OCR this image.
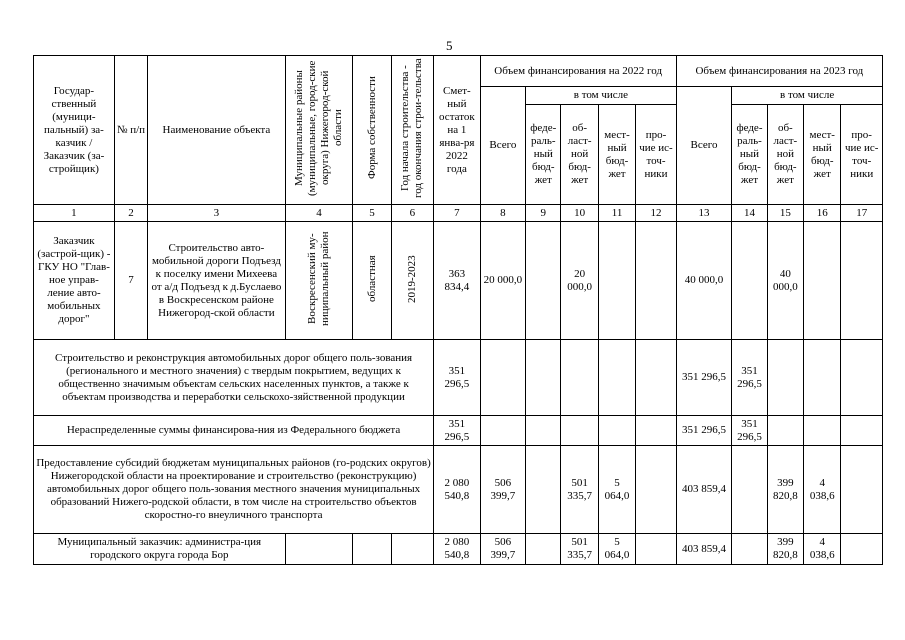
5
Государ-ственный (муници-пальный) за-казчик / Заказчик (за-стройщик)	№ п/п	Наименование объекта	Муниципальные районы (муниципальные, город-ские округа) Нижегород-ской области	Форма собственности	Год начала строительства - год окончания строи-тельства	Смет-ный остаток на 1 янва-ря 2022 года	Объем финансирования на 2022 год					Объем финансирования на 2023 год				
							Всего	в том числе				Всего	в том числе			
								феде-раль-ный бюд-жет	об-ласт-ной бюд-жет	мест-ный бюд-жет	про-чие ис-точ-ники		феде-раль-ный бюд-жет	об-ласт-ной бюд-жет	мест-ный бюд-жет	про-чие ис-точ-ники
1	2	3	4	5	6	7	8	9	10	11	12	13	14	15	16	17
Заказчик (застрой-щик) - ГКУ НО "Глав-ное управ-ление авто-мобильных дорог"	7	Строительство авто-мобильной дороги Подъезд к поселку имени Михеева от а/д Подъезд к д.Буслаево в Воскресенском районе Нижегород-ской области	Воскресенский му-ниципальный район	областная	2019-2023	363 834,4	20 000,0		20 000,0			40 000,0		40 000,0		
Строительство и реконструкция автомобильных дорог общего поль-зования (регионального и местного значения) с твердым покрытием, ведущих к общественно значимым объектам сельских населенных пунктов, а также к объектам производства и переработки сельскохо-зяйственной продукции						351 296,5						351 296,5	351 296,5			
Нераспределенные суммы финансирова-ния из Федерального бюджета						351 296,5						351 296,5	351 296,5			
Предоставление субсидий бюджетам муниципальных районов (го-родских округов) Нижегородской области на проектирование и строительство (реконструкцию) автомобильных дорог общего поль-зования местного значения муниципальных образований Нижего-родской области, в том числе на строительство объектов скоростно-го внеуличного транспорта						2 080 540,8	506 399,7		501 335,7	5 064,0		403 859,4		399 820,8	4 038,6	
Муниципальный заказчик: администра-ция городского округа города Бор						2 080 540,8	506 399,7		501 335,7	5 064,0		403 859,4		399 820,8	4 038,6	
